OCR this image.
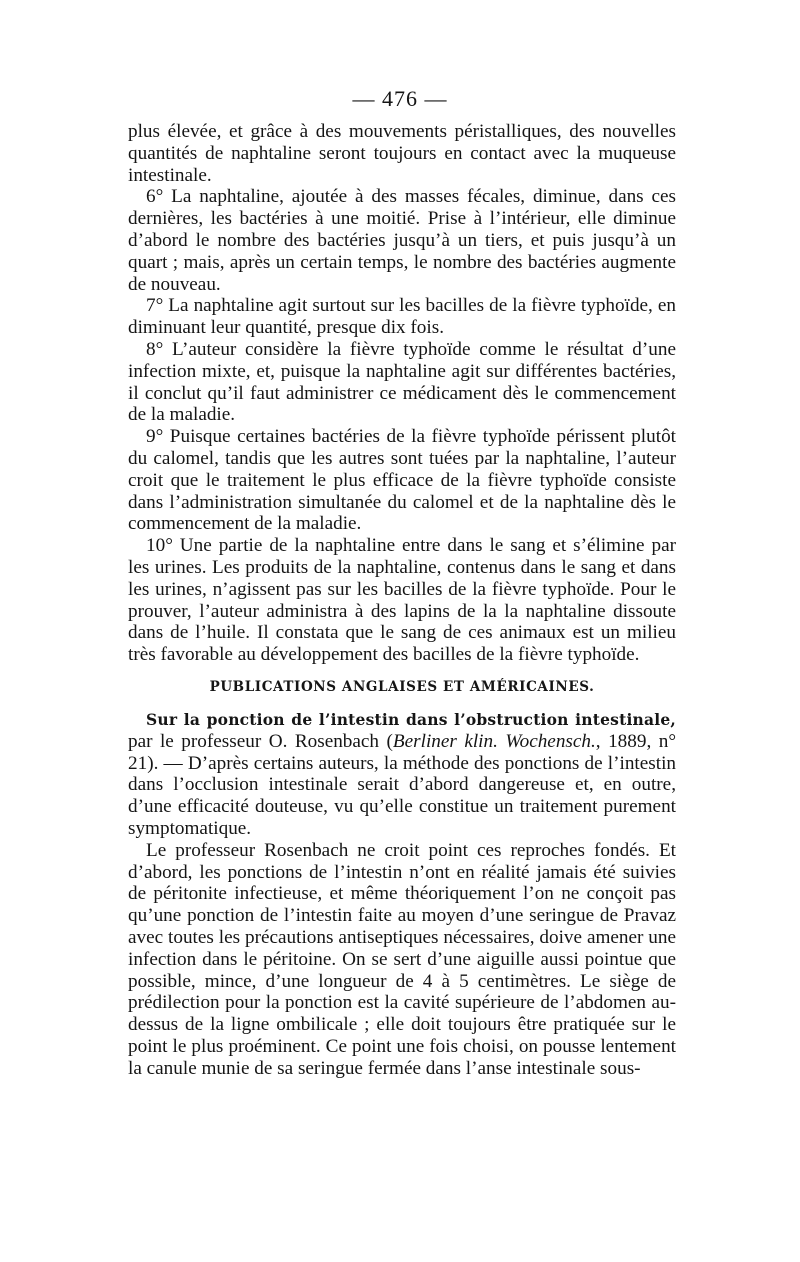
— 476 —

plus élevée, et grâce à des mouvements péristalliques, des nouvelles quantités de naphtaline seront toujours en contact avec la muqueuse intestinale.

6° La naphtaline, ajoutée à des masses fécales, diminue, dans ces dernières, les bactéries à une moitié. Prise à l’intérieur, elle diminue d’abord le nombre des bactéries jusqu’à un tiers, et puis jusqu’à un quart ; mais, après un certain temps, le nombre des bactéries augmente de nouveau.

7° La naphtaline agit surtout sur les bacilles de la fièvre typhoïde, en diminuant leur quantité, presque dix fois.

8° L’auteur considère la fièvre typhoïde comme le résultat d’une infection mixte, et, puisque la naphtaline agit sur différentes bactéries, il conclut qu’il faut administrer ce médicament dès le commencement de la maladie.

9° Puisque certaines bactéries de la fièvre typhoïde périssent plutôt du calomel, tandis que les autres sont tuées par la naphtaline, l’auteur croit que le traitement le plus efficace de la fièvre typhoïde consiste dans l’administration simultanée du calomel et de la naphtaline dès le commencement de la maladie.

10° Une partie de la naphtaline entre dans le sang et s’élimine par les urines. Les produits de la naphtaline, contenus dans le sang et dans les urines, n’agissent pas sur les bacilles de la fièvre typhoïde. Pour le prouver, l’auteur administra à des lapins de la la naphtaline dissoute dans de l’huile. Il constata que le sang de ces animaux est un milieu très favorable au développement des bacilles de la fièvre typhoïde.

PUBLICATIONS ANGLAISES ET AMÉRICAINES.

Sur la ponction de l’intestin dans l’obstruction intestinale, par le professeur O. Rosenbach (Berliner klin. Wochensch., 1889, n° 21). — D’après certains auteurs, la méthode des ponctions de l’intestin dans l’occlusion intestinale serait d’abord dangereuse et, en outre, d’une efficacité douteuse, vu qu’elle constitue un traitement purement symptomatique.

Le professeur Rosenbach ne croit point ces reproches fondés. Et d’abord, les ponctions de l’intestin n’ont en réalité jamais été suivies de péritonite infectieuse, et même théoriquement l’on ne conçoit pas qu’une ponction de l’intestin faite au moyen d’une seringue de Pravaz avec toutes les précautions antiseptiques nécessaires, doive amener une infection dans le péritoine. On se sert d’une aiguille aussi pointue que possible, mince, d’une longueur de 4 à 5 centimètres. Le siège de prédilection pour la ponction est la cavité supérieure de l’abdomen au-dessus de la ligne ombilicale ; elle doit toujours être pratiquée sur le point le plus proéminent. Ce point une fois choisi, on pousse lentement la canule munie de sa seringue fermée dans l’anse intestinale sous-
